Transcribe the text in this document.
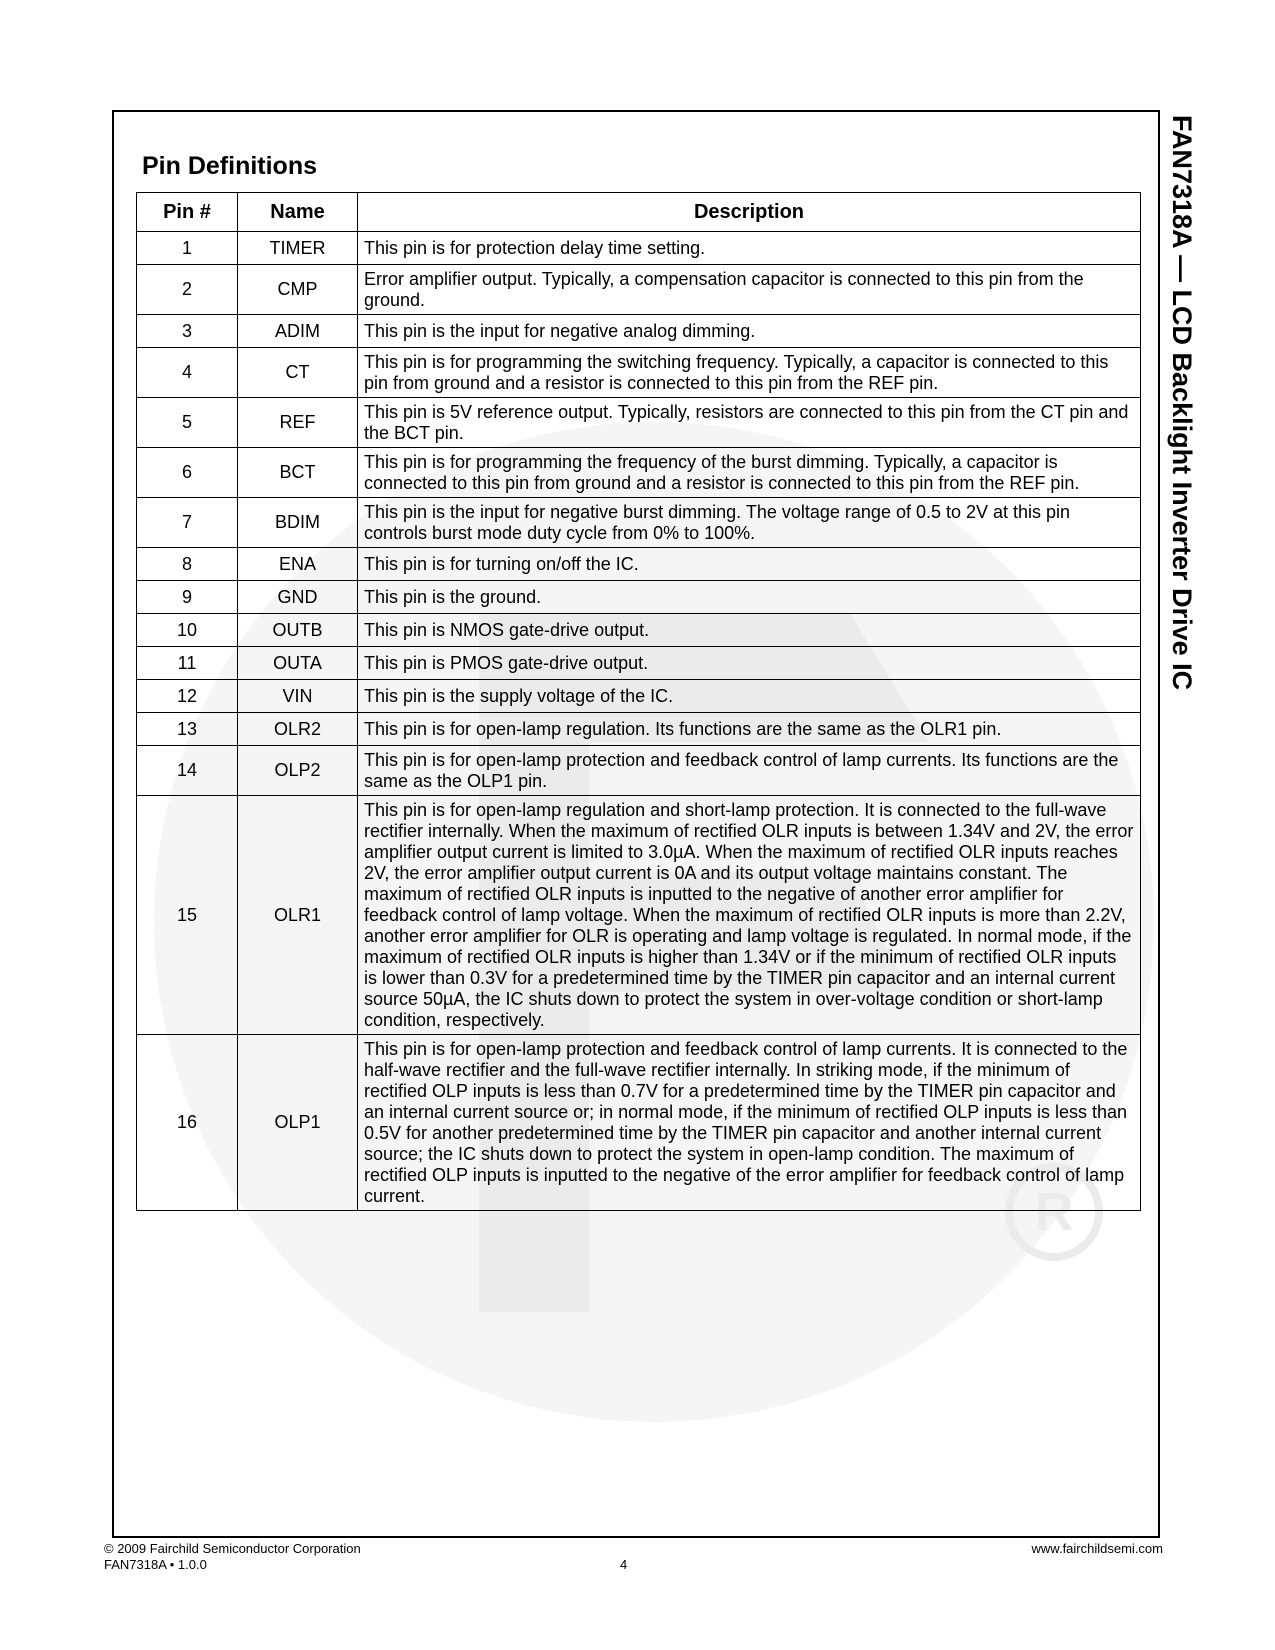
R
Pin Definitions
Pin #	Name	Description
1	TIMER	This pin is for protection delay time setting.
2	CMP	Error amplifier output. Typically, a compensation capacitor is connected to this pin from the ground.
3	ADIM	This pin is the input for negative analog dimming.
4	CT	This pin is for programming the switching frequency. Typically, a capacitor is connected to this pin from ground and a resistor is connected to this pin from the REF pin.
5	REF	This pin is 5V reference output. Typically, resistors are connected to this pin from the CT pin and the BCT pin.
6	BCT	This pin is for programming the frequency of the burst dimming. Typically, a capacitor is connected to this pin from ground and a resistor is connected to this pin from the REF pin.
7	BDIM	This pin is the input for negative burst dimming. The voltage range of 0.5 to 2V at this pin controls burst mode duty cycle from 0% to 100%.
8	ENA	This pin is for turning on/off the IC.
9	GND	This pin is the ground.
10	OUTB	This pin is NMOS gate-drive output.
11	OUTA	This pin is PMOS gate-drive output.
12	VIN	This pin is the supply voltage of the IC.
13	OLR2	This pin is for open-lamp regulation. Its functions are the same as the OLR1 pin.
14	OLP2	This pin is for open-lamp protection and feedback control of lamp currents. Its functions are the same as the OLP1 pin.
15	OLR1	This pin is for open-lamp regulation and short-lamp protection. It is connected to the full-wave rectifier internally. When the maximum of rectified OLR inputs is between 1.34V and 2V, the error amplifier output current is limited to 3.0µA. When the maximum of rectified OLR inputs reaches 2V, the error amplifier output current is 0A and its output voltage maintains constant. The maximum of rectified OLR inputs is inputted to the negative of another error amplifier for feedback control of lamp voltage. When the maximum of rectified OLR inputs is more than 2.2V, another error amplifier for OLR is operating and lamp voltage is regulated. In normal mode, if the maximum of rectified OLR inputs is higher than 1.34V or if the minimum of rectified OLR inputs is lower than 0.3V for a predetermined time by the TIMER pin capacitor and an internal current source 50µA, the IC shuts down to protect the system in over-voltage condition or short-lamp condition, respectively.
16	OLP1	This pin is for open-lamp protection and feedback control of lamp currents. It is connected to the half-wave rectifier and the full-wave rectifier internally. In striking mode, if the minimum of rectified OLP inputs is less than 0.7V for a predetermined time by the TIMER pin capacitor and an internal current source or; in normal mode, if the minimum of rectified OLP inputs is less than 0.5V for another predetermined time by the TIMER pin capacitor and another internal current source; the IC shuts down to protect the system in open-lamp condition. The maximum of rectified OLP inputs is inputted to the negative of the error amplifier for feedback control of lamp current.
FAN7318A — LCD Backlight Inverter Drive IC
© 2009 Fairchild Semiconductor Corporation
FAN7318A • 1.0.0	4
www.fairchildsemi.com
